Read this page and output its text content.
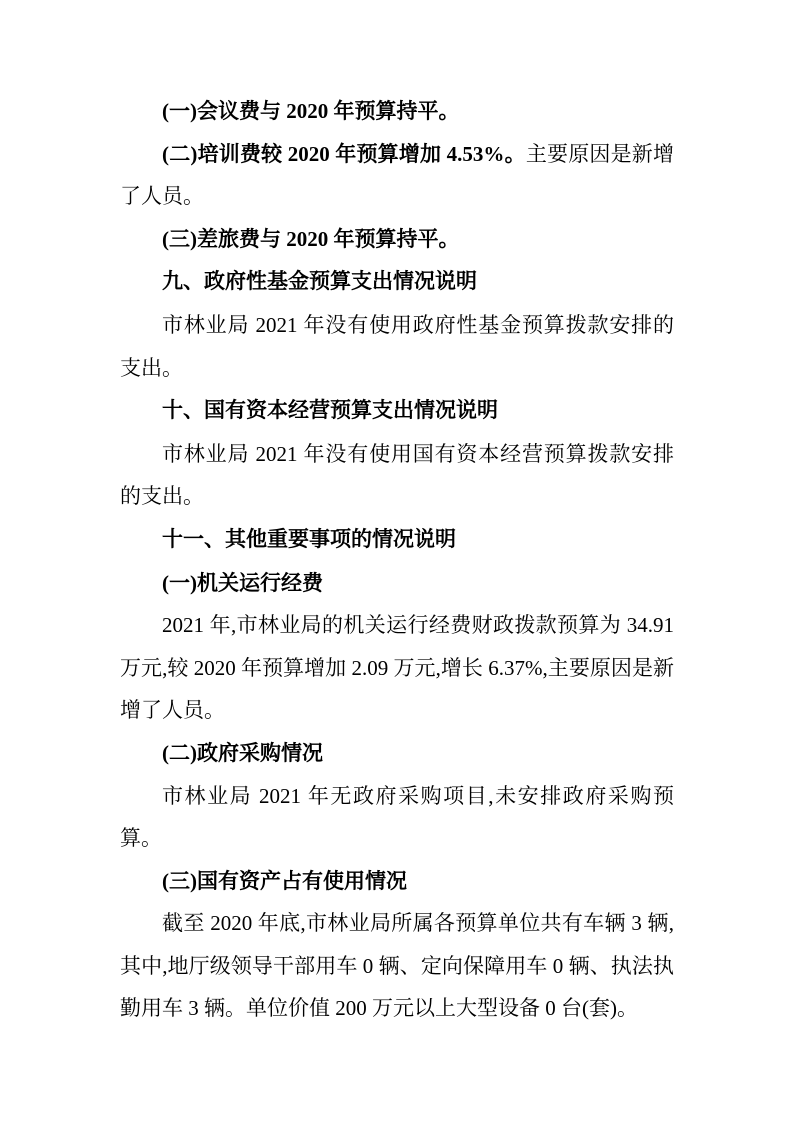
(一)会议费与 2020 年预算持平。

(二)培训费较 2020 年预算增加 4.53%。主要原因是新增了人员。

(三)差旅费与 2020 年预算持平。

九、政府性基金预算支出情况说明

市林业局 2021 年没有使用政府性基金预算拨款安排的支出。

十、国有资本经营预算支出情况说明

市林业局 2021 年没有使用国有资本经营预算拨款安排的支出。

十一、其他重要事项的情况说明

(一)机关运行经费

2021 年,市林业局的机关运行经费财政拨款预算为 34.91 万元,较 2020 年预算增加 2.09 万元,增长 6.37%,主要原因是新增了人员。

(二)政府采购情况

市林业局 2021 年无政府采购项目,未安排政府采购预算。

(三)国有资产占有使用情况

截至 2020 年底,市林业局所属各预算单位共有车辆 3 辆,其中,地厅级领导干部用车 0 辆、定向保障用车 0 辆、执法执勤用车 3 辆。单位价值 200 万元以上大型设备 0 台(套)。
